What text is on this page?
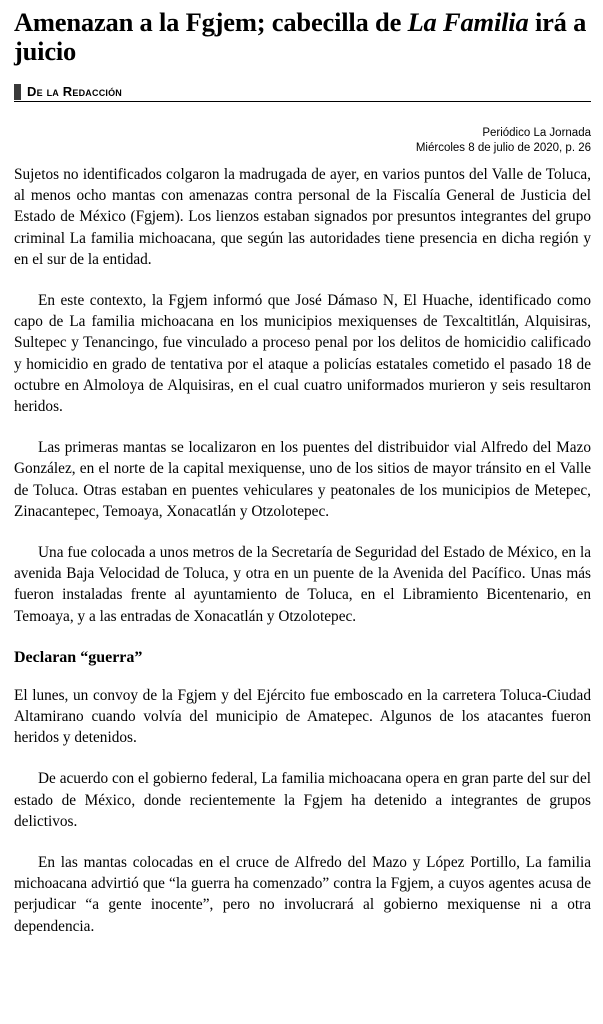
Amenazan a la Fgjem; cabecilla de La Familia irá a juicio
De la Redacción
Periódico La Jornada
Miércoles 8 de julio de 2020, p. 26

Sujetos no identificados colgaron la madrugada de ayer, en varios puntos del Valle de Toluca, al menos ocho mantas con amenazas contra personal de la Fiscalía General de Justicia del Estado de México (Fgjem). Los lienzos estaban signados por presuntos integrantes del grupo criminal La familia michoacana, que según las autoridades tiene presencia en dicha región y en el sur de la entidad.

En este contexto, la Fgjem informó que José Dámaso N, El Huache, identificado como capo de La familia michoacana en los municipios mexiquenses de Texcaltitlán, Alquisiras, Sultepec y Tenancingo, fue vinculado a proceso penal por los delitos de homicidio calificado y homicidio en grado de tentativa por el ataque a policías estatales cometido el pasado 18 de octubre en Almoloya de Alquisiras, en el cual cuatro uniformados murieron y seis resultaron heridos.

Las primeras mantas se localizaron en los puentes del distribuidor vial Alfredo del Mazo González, en el norte de la capital mexiquense, uno de los sitios de mayor tránsito en el Valle de Toluca. Otras estaban en puentes vehiculares y peatonales de los municipios de Metepec, Zinacantepec, Temoaya, Xonacatlán y Otzolotepec.

Una fue colocada a unos metros de la Secretaría de Seguridad del Estado de México, en la avenida Baja Velocidad de Toluca, y otra en un puente de la Avenida del Pacífico. Unas más fueron instaladas frente al ayuntamiento de Toluca, en el Libramiento Bicentenario, en Temoaya, y a las entradas de Xonacatlán y Otzolotepec.

Declaran “guerra”

El lunes, un convoy de la Fgjem y del Ejército fue emboscado en la carretera Toluca-Ciudad Altamirano cuando volvía del municipio de Amatepec. Algunos de los atacantes fueron heridos y detenidos.

De acuerdo con el gobierno federal, La familia michoacana opera en gran parte del sur del estado de México, donde recientemente la Fgjem ha detenido a integrantes de grupos delictivos.

En las mantas colocadas en el cruce de Alfredo del Mazo y López Portillo, La familia michoacana advirtió que “la guerra ha comenzado” contra la Fgjem, a cuyos agentes acusa de perjudicar “a gente inocente”, pero no involucrará al gobierno mexiquense ni a otra dependencia.
